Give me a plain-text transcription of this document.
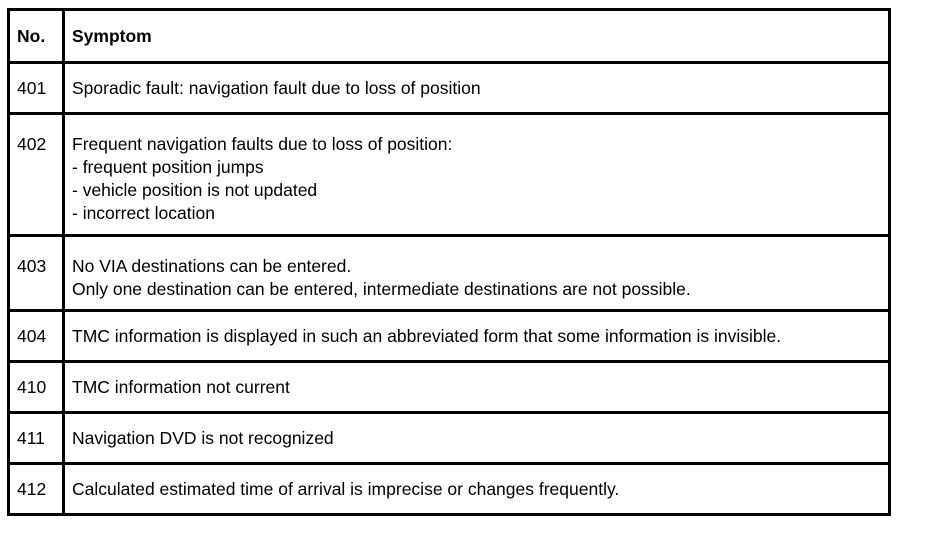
No.	Symptom
401	Sporadic fault: navigation fault due to loss of position

402	Frequent navigation faults due to loss of position:
- frequent position jumps
- vehicle position is not updated
- incorrect location

403	No VIA destinations can be entered.
Only one destination can be entered, intermediate destinations are not possible.

404	TMC information is displayed in such an abbreviated form that some information is invisible.

410	TMC information not current

411	Navigation DVD is not recognized

412	Calculated estimated time of arrival is imprecise or changes frequently.
